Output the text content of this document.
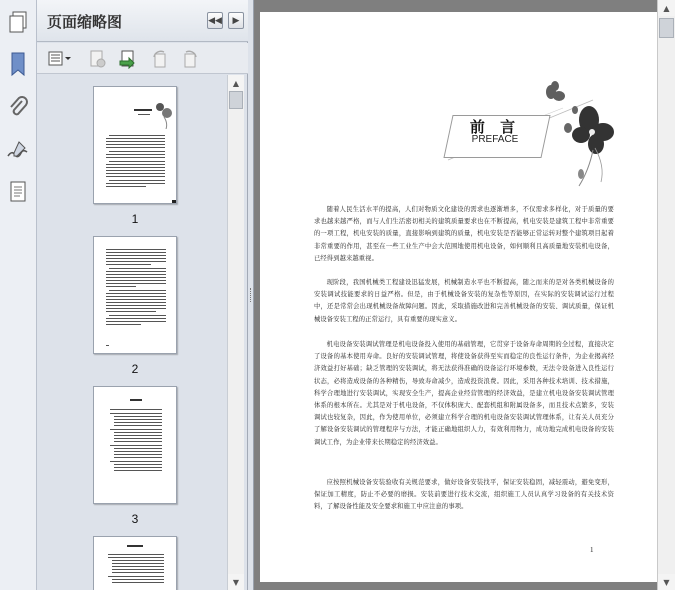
页面缩略图	◀◀ ▶
1
2
3
▲
▼
前 言
PREFACE

随着人民生活水平的提高，人们对物质文化建设的需求也逐渐增多，不仅需求多样化，对于质量的要求也越来越严格，而与人们生活密切相关的建筑质量要求也在不断提高，机电安装是建筑工程中非常重要的一项工程，机电安装的质量，直接影响到建筑的质量，机电安装是否能够正常运转对整个建筑项目起着非常重要的作用，甚至在一些工业生产中会大范围地使用机电设备，如何顺利且高质量地安装机电设备，已经得到越来越重视。

现阶段，我国机械类工程建设迅猛发展，机械制造水平也不断提高，随之而来的是对各类机械设备的安装调试技能要求的日益严格。但是，由于机械设备安装的复杂性等原因，在实际的安装调试运行过程中，还是常常会出现机械设备故障问题。因此，采取措施改进和完善机械设备的安装、调试质量，保证机械设备安装工程的正常运行，具有重要的现实意义。

机电设备安装调试管理是机电设备投入使用的基础管理，它贯穿于设备寿命周期的全过程，直接决定了设备的基本使用寿命。良好的安装调试管理，将使设备获得至实而稳定的良性运行条件，为企业揭高经济效益打好基础；缺乏管理的安装调试，将无法获得准确的设备运行环境参数，无法令设备进入良性运行状态，必将造成设备的各种精伤，导致寿命减少，造成投资浪费。因此，采用各种技术培训、技术措施，科学合理地进行安装调试，实现安全生产，提高企业经营管理的经济效益，是建立机电设备安装调试管理体系的根本所在。尤其是对于机电设备，不仅体积庞大、配套机组和附属设备多，而且技术点繁多，安装调试也较复杂，因此，作为使用单位，必须建立科学合理的机电设备安装调试管理体系，让有关人员充分了解设备安装调试的管理程序与方法，才能正确地组织人力，有效利用物力，成功地完成机电设备的安装调试工作，为企业带来长期稳定的经济效益。

应按照机械设备安装验收有关规范要求，做好设备安装找平，保证安装稳固，减轻震动，避免变形，保证加工精度，防止不必要的磨损。安装前要进行技术交流，组织施工人员认真学习设备的有关技术资料，了解设备性能及安全要求和施工中应注意的事项。

1
▲
▼
